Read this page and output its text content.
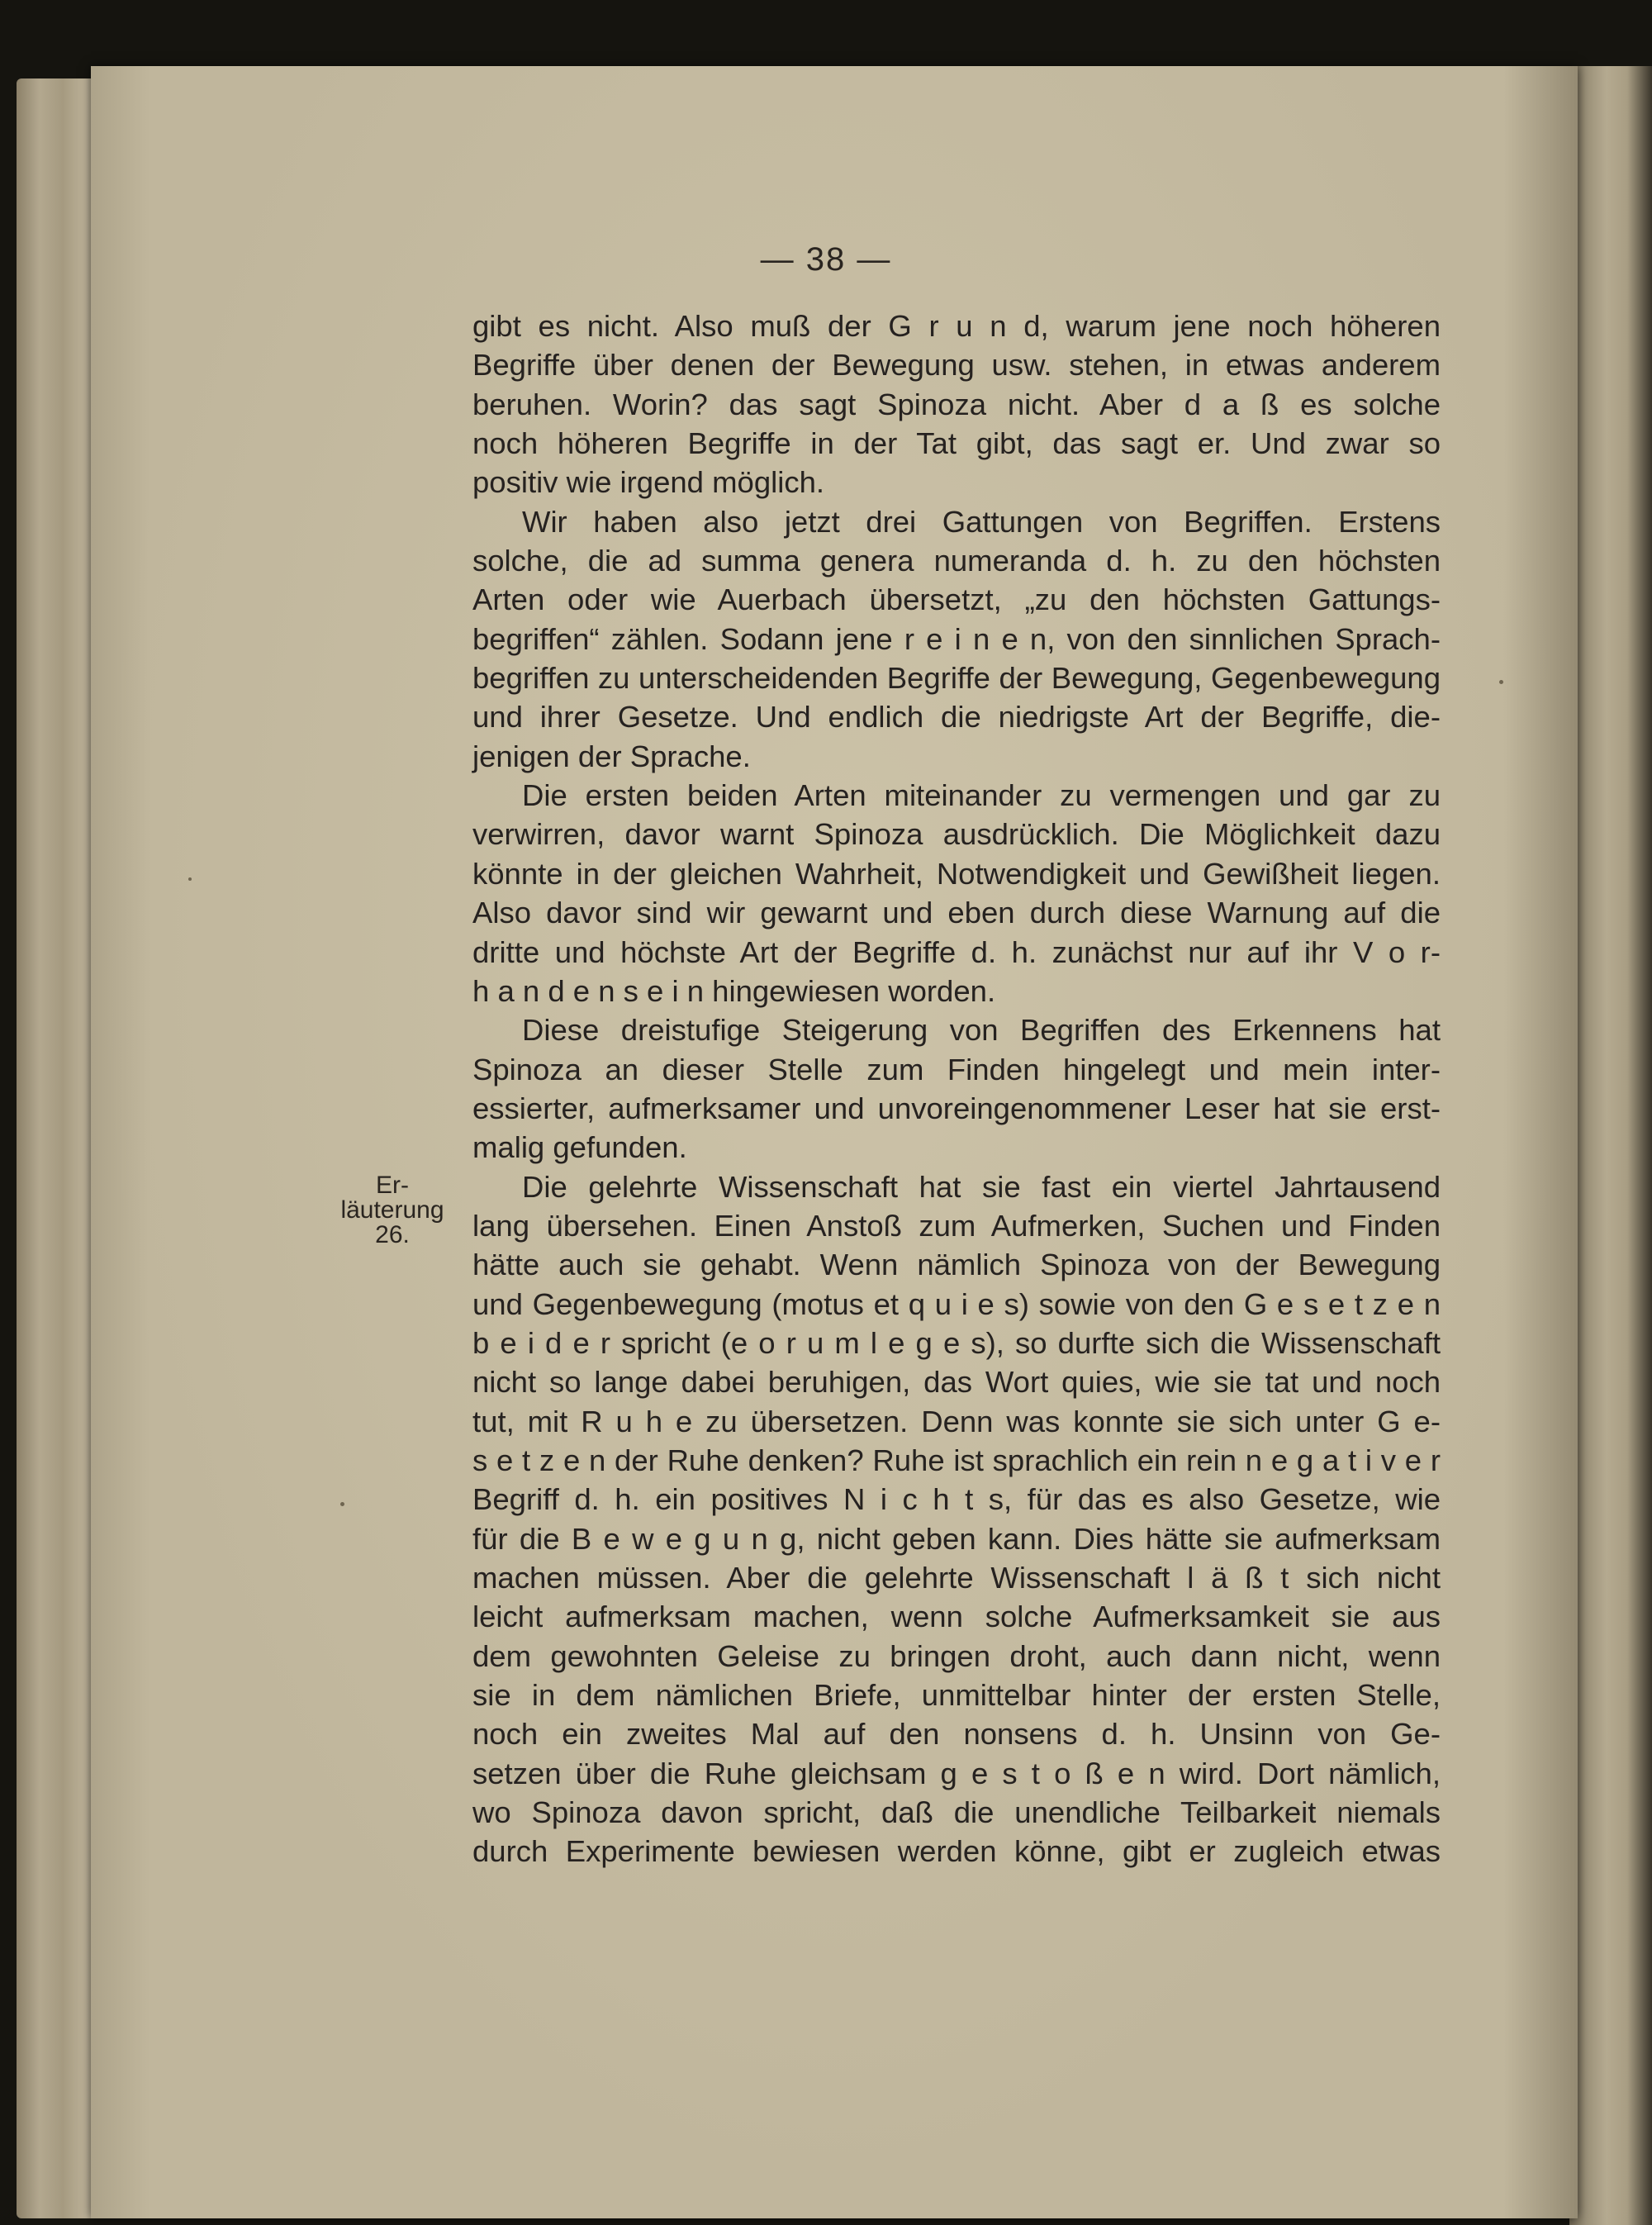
— 38 —
Er-
läuterung
26.
gibt es nicht. Also muß der G r u n d, warum jene noch höheren
Begriffe über denen der Bewegung usw. stehen, in etwas anderem
beruhen. Worin? das sagt Spinoza nicht. Aber d a ß es solche
noch höheren Begriffe in der Tat gibt, das sagt er. Und zwar so
positiv wie irgend möglich.
Wir haben also jetzt drei Gattungen von Begriffen. Erstens
solche, die ad summa genera numeranda d. h. zu den höchsten
Arten oder wie Auerbach übersetzt, „zu den höchsten Gattungs-
begriffen“ zählen. Sodann jene r e i n e n, von den sinnlichen Sprach-
begriffen zu unterscheidenden Begriffe der Bewegung, Gegenbewegung
und ihrer Gesetze. Und endlich die niedrigste Art der Begriffe, die-
jenigen der Sprache.
Die ersten beiden Arten miteinander zu vermengen und gar zu
verwirren, davor warnt Spinoza ausdrücklich. Die Möglichkeit dazu
könnte in der gleichen Wahrheit, Notwendigkeit und Gewißheit liegen.
Also davor sind wir gewarnt und eben durch diese Warnung auf die
dritte und höchste Art der Begriffe d. h. zunächst nur auf ihr V o r-
h a n d e n s e i n hingewiesen worden.
Diese dreistufige Steigerung von Begriffen des Erkennens hat
Spinoza an dieser Stelle zum Finden hingelegt und mein inter-
essierter, aufmerksamer und unvoreingenommener Leser hat sie erst-
malig gefunden.
Die gelehrte Wissenschaft hat sie fast ein viertel Jahrtausend
lang übersehen. Einen Anstoß zum Aufmerken, Suchen und Finden
hätte auch sie gehabt. Wenn nämlich Spinoza von der Bewegung
und Gegenbewegung (motus et q u i e s) sowie von den G e s e t z e n
b e i d e r spricht (e o r u m l e g e s), so durfte sich die Wissenschaft
nicht so lange dabei beruhigen, das Wort quies, wie sie tat und noch
tut, mit R u h e zu übersetzen. Denn was konnte sie sich unter G e-
s e t z e n der Ruhe denken? Ruhe ist sprachlich ein rein n e g a t i v e r
Begriff d. h. ein positives N i c h t s, für das es also Gesetze, wie
für die B e w e g u n g, nicht geben kann. Dies hätte sie aufmerksam
machen müssen. Aber die gelehrte Wissenschaft l ä ß t sich nicht
leicht aufmerksam machen, wenn solche Aufmerksamkeit sie aus
dem gewohnten Geleise zu bringen droht, auch dann nicht, wenn
sie in dem nämlichen Briefe, unmittelbar hinter der ersten Stelle,
noch ein zweites Mal auf den nonsens d. h. Unsinn von Ge-
setzen über die Ruhe gleichsam g e s t o ß e n wird. Dort nämlich,
wo Spinoza davon spricht, daß die unendliche Teilbarkeit niemals
durch Experimente bewiesen werden könne, gibt er zugleich etwas
